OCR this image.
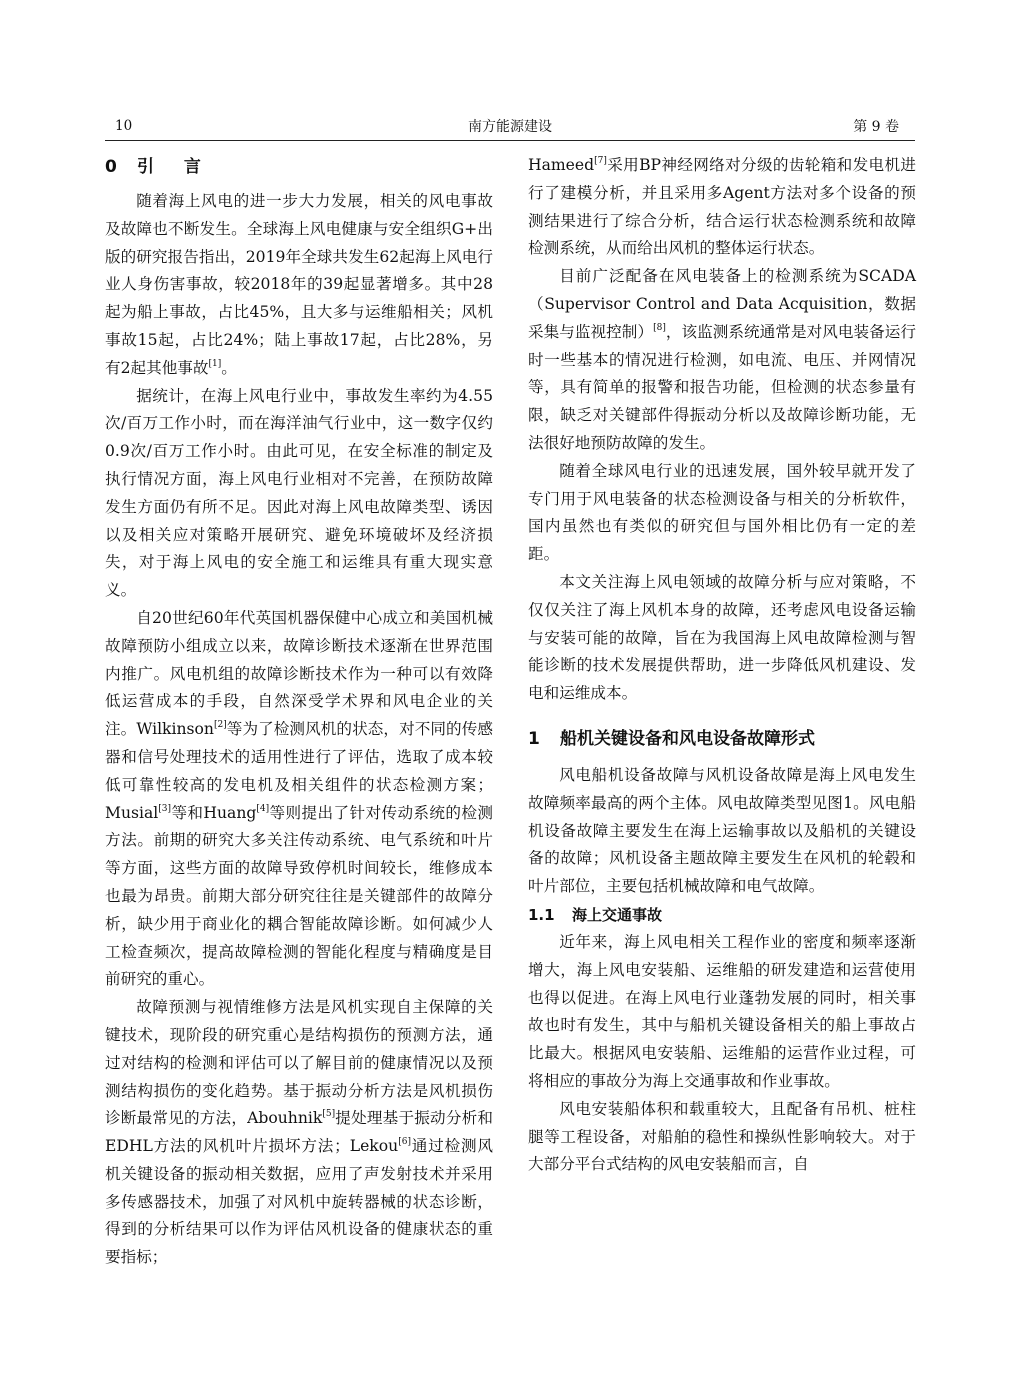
10	南方能源建设	第 9 卷
0 引 言

随着海上风电的进一步大力发展，相关的风电事故及故障也不断发生。全球海上风电健康与安全组织G+出版的研究报告指出，2019年全球共发生62起海上风电行业人身伤害事故，较2018年的39起显著增多。其中28起为船上事故，占比45%，且大多与运维船相关；风机事故15起，占比24%；陆上事故17起，占比28%，另有2起其他事故[1]。

据统计，在海上风电行业中，事故发生率约为4.55次/百万工作小时，而在海洋油气行业中，这一数字仅约0.9次/百万工作小时。由此可见，在安全标准的制定及执行情况方面，海上风电行业相对不完善，在预防故障发生方面仍有所不足。因此对海上风电故障类型、诱因以及相关应对策略开展研究、避免环境破坏及经济损失，对于海上风电的安全施工和运维具有重大现实意义。

自20世纪60年代英国机器保健中心成立和美国机械故障预防小组成立以来，故障诊断技术逐渐在世界范围内推广。风电机组的故障诊断技术作为一种可以有效降低运营成本的手段，自然深受学术界和风电企业的关注。Wilkinson[2]等为了检测风机的状态，对不同的传感器和信号处理技术的适用性进行了评估，选取了成本较低可靠性较高的发电机及相关组件的状态检测方案；Musial[3]等和Huang[4]等则提出了针对传动系统的检测方法。前期的研究大多关注传动系统、电气系统和叶片等方面，这些方面的故障导致停机时间较长，维修成本也最为昂贵。前期大部分研究往往是关键部件的故障分析，缺少用于商业化的耦合智能故障诊断。如何减少人工检查频次，提高故障检测的智能化程度与精确度是目前研究的重心。

故障预测与视情维修方法是风机实现自主保障的关键技术，现阶段的研究重心是结构损伤的预测方法，通过对结构的检测和评估可以了解目前的健康情况以及预测结构损伤的变化趋势。基于振动分析方法是风机损伤诊断最常见的方法，Abouhnik[5]提处理基于振动分析和EDHL方法的风机叶片损坏方法；Lekou[6]通过检测风机关键设备的振动相关数据，应用了声发射技术并采用多传感器技术，加强了对风机中旋转器械的状态诊断，得到的分析结果可以作为评估风机设备的健康状态的重要指标；

Hameed[7]采用BP神经网络对分级的齿轮箱和发电机进行了建模分析，并且采用多Agent方法对多个设备的预测结果进行了综合分析，结合运行状态检测系统和故障检测系统，从而给出风机的整体运行状态。

目前广泛配备在风电装备上的检测系统为SCADA（Supervisor Control and Data Acquisition，数据采集与监视控制）[8]，该监测系统通常是对风电装备运行时一些基本的情况进行检测，如电流、电压、并网情况等，具有简单的报警和报告功能，但检测的状态参量有限，缺乏对关键部件得振动分析以及故障诊断功能，无法很好地预防故障的发生。

随着全球风电行业的迅速发展，国外较早就开发了专门用于风电装备的状态检测设备与相关的分析软件，国内虽然也有类似的研究但与国外相比仍有一定的差距。

本文关注海上风电领域的故障分析与应对策略，不仅仅关注了海上风机本身的故障，还考虑风电设备运输与安装可能的故障，旨在为我国海上风电故障检测与智能诊断的技术发展提供帮助，进一步降低风机建设、发电和运维成本。

1 船机关键设备和风电设备故障形式

风电船机设备故障与风机设备故障是海上风电发生故障频率最高的两个主体。风电故障类型见图1。风电船机设备故障主要发生在海上运输事故以及船机的关键设备的故障；风机设备主题故障主要发生在风机的轮毂和叶片部位，主要包括机械故障和电气故障。

1.1 海上交通事故

近年来，海上风电相关工程作业的密度和频率逐渐增大，海上风电安装船、运维船的研发建造和运营使用也得以促进。在海上风电行业蓬勃发展的同时，相关事故也时有发生，其中与船机关键设备相关的船上事故占比最大。根据风电安装船、运维船的运营作业过程，可将相应的事故分为海上交通事故和作业事故。

风电安装船体积和载重较大，且配备有吊机、桩柱腿等工程设备，对船舶的稳性和操纵性影响较大。对于大部分平台式结构的风电安装船而言，自
